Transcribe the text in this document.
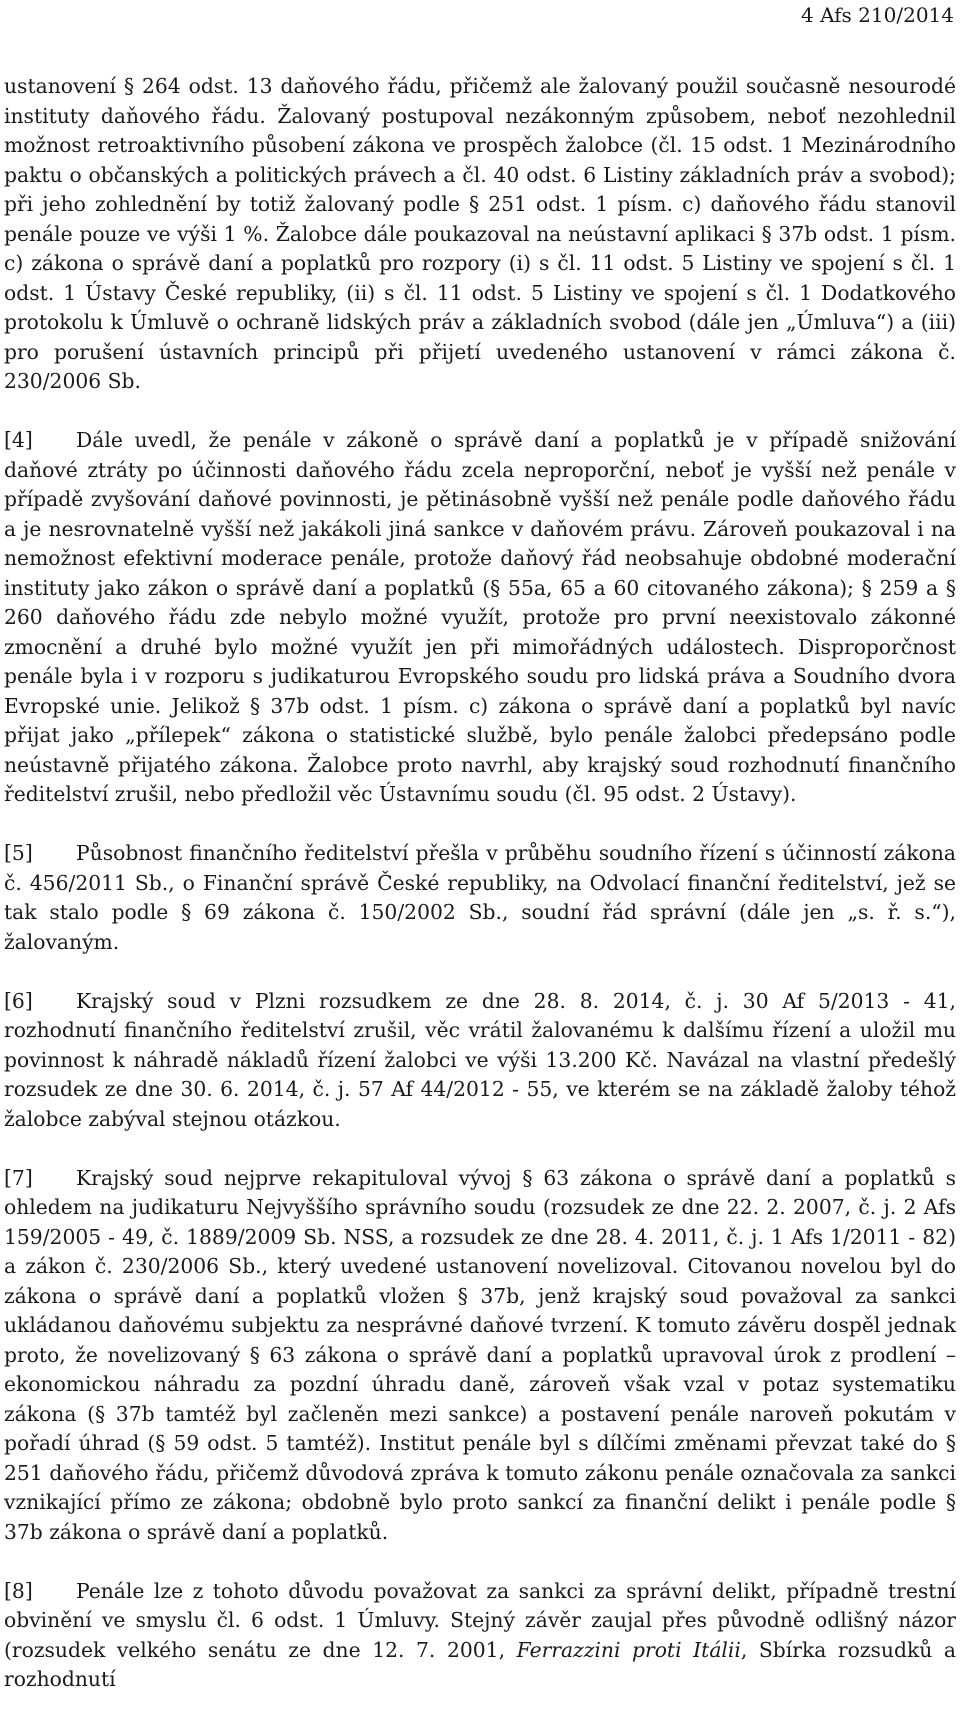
4 Afs 210/2014

ustanovení § 264 odst. 13 daňového řádu, přičemž ale žalovaný použil současně nesourodé instituty daňového řádu. Žalovaný postupoval nezákonným způsobem, neboť nezohlednil možnost retroaktivního působení zákona ve prospěch žalobce (čl. 15 odst. 1 Mezinárodního paktu o občanských a politických právech a čl. 40 odst. 6 Listiny základních práv a svobod); při jeho zohlednění by totiž žalovaný podle § 251 odst. 1 písm. c) daňového řádu stanovil penále pouze ve výši 1 %. Žalobce dále poukazoval na neústavní aplikaci § 37b odst. 1 písm. c) zákona o správě daní a poplatků pro rozpory (i) s čl. 11 odst. 5 Listiny ve spojení s čl. 1 odst. 1 Ústavy České republiky, (ii) s čl. 11 odst. 5 Listiny ve spojení s čl. 1 Dodatkového protokolu k Úmluvě o ochraně lidských práv a základních svobod (dále jen „Úmluva“) a (iii) pro porušení ústavních principů při přijetí uvedeného ustanovení v rámci zákona č. 230/2006 Sb.

[4] Dále uvedl, že penále v zákoně o správě daní a poplatků je v případě snižování daňové ztráty po účinnosti daňového řádu zcela neproporční, neboť je vyšší než penále v případě zvyšování daňové povinnosti, je pětinásobně vyšší než penále podle daňového řádu a je nesrovnatelně vyšší než jakákoli jiná sankce v daňovém právu. Zároveň poukazoval i na nemožnost efektivní moderace penále, protože daňový řád neobsahuje obdobné moderační instituty jako zákon o správě daní a poplatků (§ 55a, 65 a 60 citovaného zákona); § 259 a § 260 daňového řádu zde nebylo možné využít, protože pro první neexistovalo zákonné zmocnění a druhé bylo možné využít jen při mimořádných událostech. Disproporčnost penále byla i v rozporu s judikaturou Evropského soudu pro lidská práva a Soudního dvora Evropské unie. Jelikož § 37b odst. 1 písm. c) zákona o správě daní a poplatků byl navíc přijat jako „přílepek“ zákona o statistické službě, bylo penále žalobci předepsáno podle neústavně přijatého zákona. Žalobce proto navrhl, aby krajský soud rozhodnutí finančního ředitelství zrušil, nebo předložil věc Ústavnímu soudu (čl. 95 odst. 2 Ústavy).

[5] Působnost finančního ředitelství přešla v průběhu soudního řízení s účinností zákona č. 456/2011 Sb., o Finanční správě České republiky, na Odvolací finanční ředitelství, jež se tak stalo podle § 69 zákona č. 150/2002 Sb., soudní řád správní (dále jen „s. ř. s.“), žalovaným.

[6] Krajský soud v Plzni rozsudkem ze dne 28. 8. 2014, č. j. 30 Af 5/2013 - 41, rozhodnutí finančního ředitelství zrušil, věc vrátil žalovanému k dalšímu řízení a uložil mu povinnost k náhradě nákladů řízení žalobci ve výši 13.200 Kč. Navázal na vlastní předešlý rozsudek ze dne 30. 6. 2014, č. j. 57 Af 44/2012 - 55, ve kterém se na základě žaloby téhož žalobce zabýval stejnou otázkou.

[7] Krajský soud nejprve rekapituloval vývoj § 63 zákona o správě daní a poplatků s ohledem na judikaturu Nejvyššího správního soudu (rozsudek ze dne 22. 2. 2007, č. j. 2 Afs 159/2005 - 49, č. 1889/2009 Sb. NSS, a rozsudek ze dne 28. 4. 2011, č. j. 1 Afs 1/2011 - 82) a zákon č. 230/2006 Sb., který uvedené ustanovení novelizoval. Citovanou novelou byl do zákona o správě daní a poplatků vložen § 37b, jenž krajský soud považoval za sankci ukládanou daňovému subjektu za nesprávné daňové tvrzení. K tomuto závěru dospěl jednak proto, že novelizovaný § 63 zákona o správě daní a poplatků upravoval úrok z prodlení – ekonomickou náhradu za pozdní úhradu daně, zároveň však vzal v potaz systematiku zákona (§ 37b tamtéž byl začleněn mezi sankce) a postavení penále naroveň pokutám v pořadí úhrad (§ 59 odst. 5 tamtéž). Institut penále byl s dílčími změnami převzat také do § 251 daňového řádu, přičemž důvodová zpráva k tomuto zákonu penále označovala za sankci vznikající přímo ze zákona; obdobně bylo proto sankcí za finanční delikt i penále podle § 37b zákona o správě daní a poplatků.

[8] Penále lze z tohoto důvodu považovat za sankci za správní delikt, případně trestní obvinění ve smyslu čl. 6 odst. 1 Úmluvy. Stejný závěr zaujal přes původně odlišný názor (rozsudek velkého senátu ze dne 12. 7. 2001, Ferrazzini proti Itálii, Sbírka rozsudků a rozhodnutí
